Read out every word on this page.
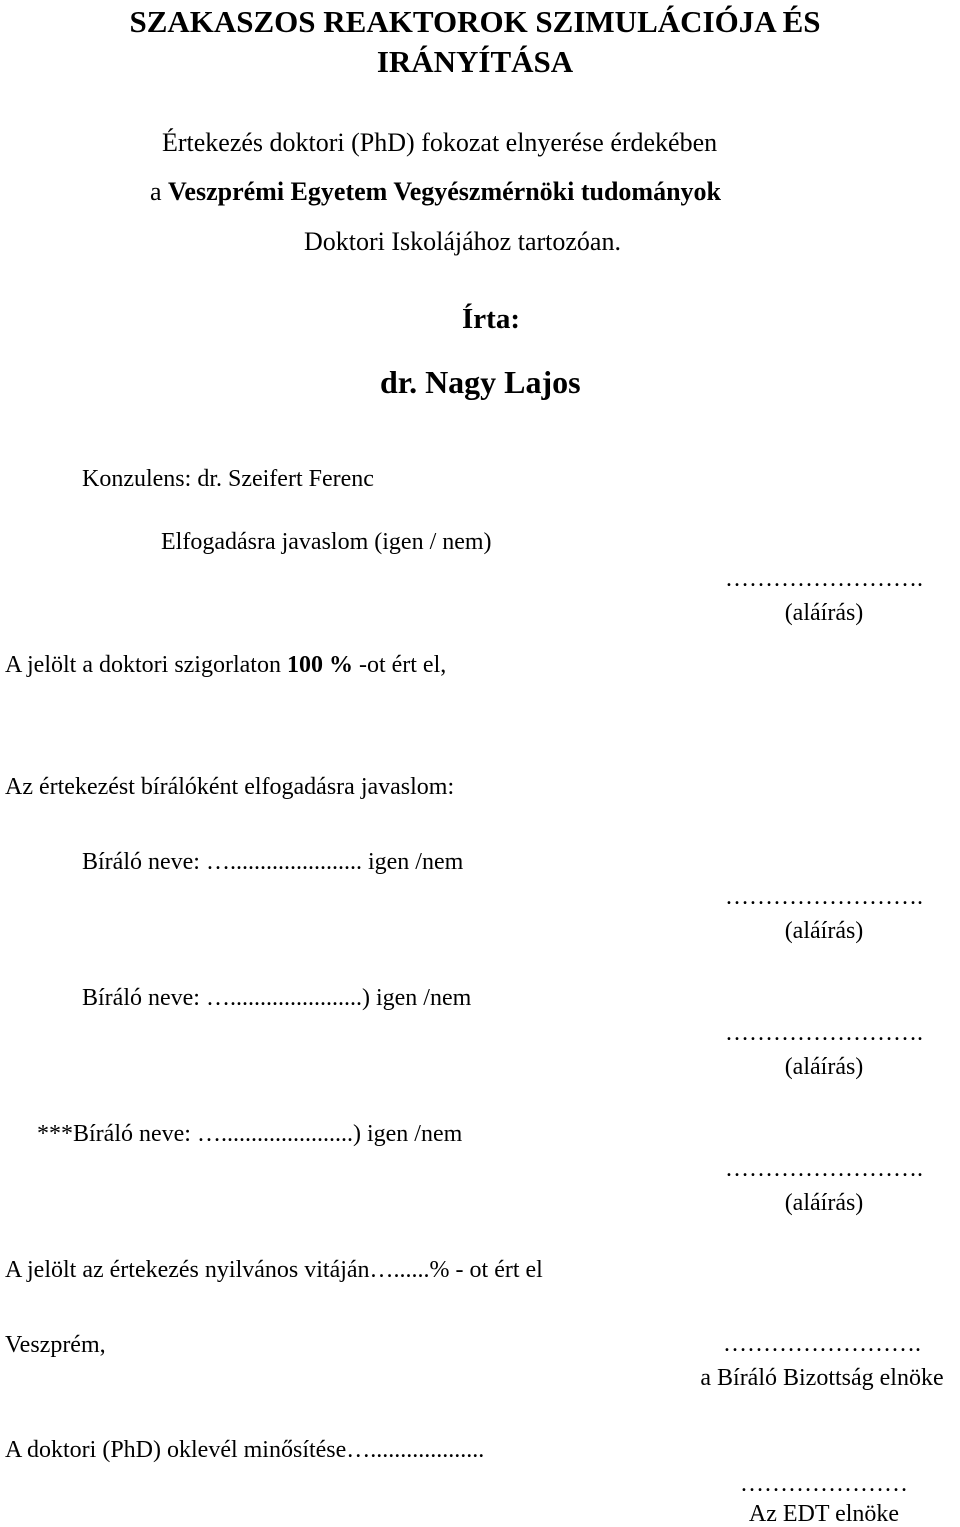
SZAKASZOS REAKTOROK SZIMULÁCIÓJA ÉS
IRÁNYÍTÁSA
Értekezés doktori (PhD) fokozat elnyerése érdekében
a Veszprémi Egyetem Vegyészmérnöki tudományok
Doktori Iskolájához tartozóan.
Írta:
dr. Nagy Lajos
Konzulens: dr. Szeifert Ferenc
Elfogadásra javaslom (igen / nem)
…………………….
(aláírás)
A jelölt a doktori szigorlaton 100 % -ot ért el,
Az értekezést bírálóként elfogadásra javaslom:
Bíráló neve: …...................... igen /nem
…………………….
(aláírás)
Bíráló neve: …......................) igen /nem
…………………….
(aláírás)
***Bíráló neve: …......................) igen /nem
…………………….
(aláírás)
A jelölt az értekezés nyilvános vitáján…......% - ot ért el
Veszprém,	…………………….
a Bíráló Bizottság elnöke
A doktori (PhD) oklevél minősítése…...................
…………………
Az EDT elnöke
